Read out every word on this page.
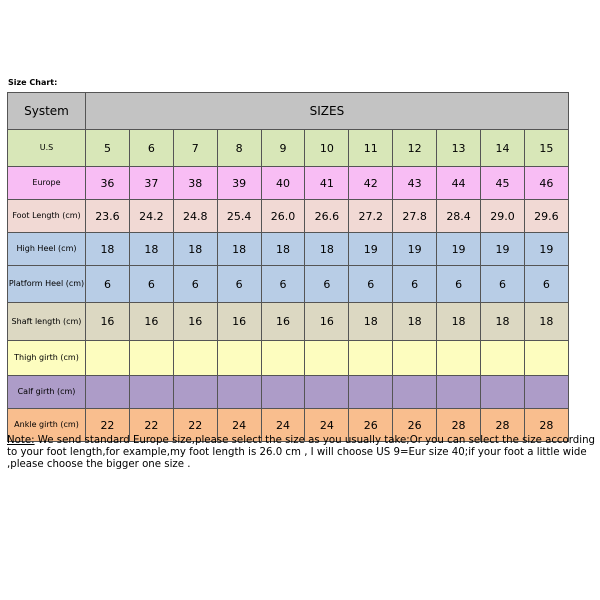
Size Chart:
System	SIZES										
U.S	5	6	7	8	9	10	11	12	13	14	15
Europe	36	37	38	39	40	41	42	43	44	45	46
Foot Length (cm)	23.6	24.2	24.8	25.4	26.0	26.6	27.2	27.8	28.4	29.0	29.6
High Heel (cm)	18	18	18	18	18	18	19	19	19	19	19
Platform Heel (cm)	6	6	6	6	6	6	6	6	6	6	6
Shaft length (cm)	16	16	16	16	16	16	18	18	18	18	18
Thigh girth (cm)											
Calf girth (cm)											
Ankle girth (cm)	22	22	22	24	24	24	26	26	28	28	28
Note: We send standard Europe size,please select the size as you usually take;Or you can select the size according to your foot length,for example,my foot length is 26.0 cm , I will choose US 9=Eur size 40;if your foot a little wide ,please choose the bigger one size .
